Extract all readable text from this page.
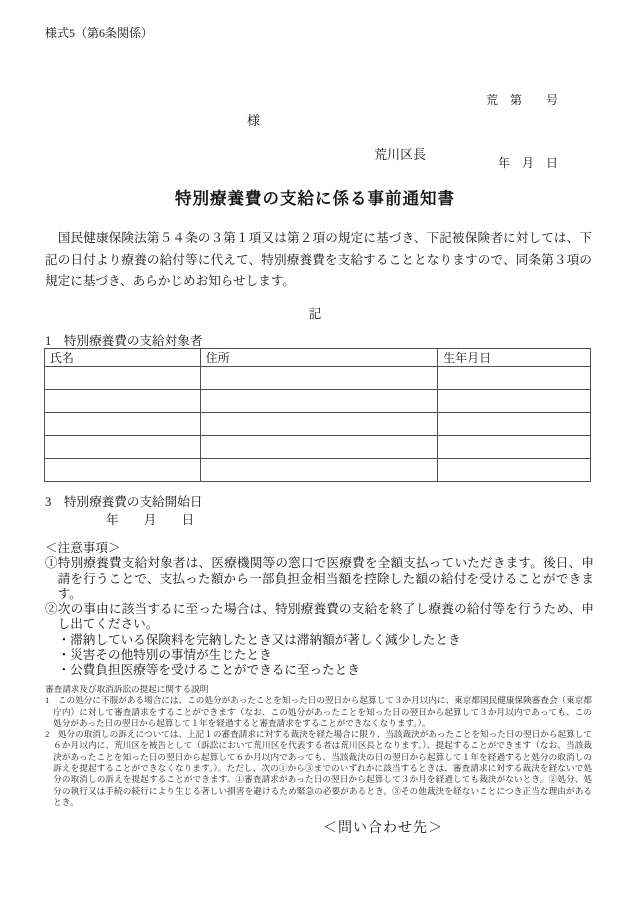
様式5（第6条関係）

荒　第　　号

年　月　日

様
荒川区長
特別療養費の支給に係る事前通知書

　国民健康保険法第５４条の３第１項又は第２項の規定に基づき、下記被保険者に対しては、下記の日付より療養の給付等に代えて、特別療養費を支給することとなりますので、同条第３項の規定に基づき、あらかじめお知らせします。

記
1　特別療養費の支給対象者
氏名	住所	生年月日

3　特別療養費の支給開始日
年　　月　　日
＜注意事項＞
①特別療養費支給対象者は、医療機関等の窓口で医療費を全額支払っていただきます。後日、申請を行うことで、支払った額から一部負担金相当額を控除した額の給付を受けることができます。
②次の事由に該当するに至った場合は、特別療養費の支給を終了し療養の給付等を行うため、申し出てください。
・滞納している保険料を完納したとき又は滞納額が著しく減少したとき
・災害その他特別の事情が生じたとき
・公費負担医療等を受けることができるに至ったとき
審査請求及び取消訴訟の提起に関する説明
1　この処分に不服がある場合には、この処分があったことを知った日の翌日から起算して３か月以内に、東京都国民健康保険審査会（東京都庁内）に対して審査請求をすることができます（なお、この処分があったことを知った日の翌日から起算して３か月以内であっても、この処分があった日の翌日から起算して１年を経過すると審査請求をすることができなくなります。）。
2　処分の取消しの訴えについては、上記１の審査請求に対する裁決を経た場合に限り、当該裁決があったことを知った日の翌日から起算して６か月以内に、荒川区を被告として（訴訟において荒川区を代表する者は荒川区長となります。）、提起することができます（なお、当該裁決があったことを知った日の翌日から起算して６か月以内であっても、当該裁決の日の翌日から起算して１年を経過すると処分の取消しの訴えを提起することができなくなります。）。ただし、次の①から③までのいずれかに該当するときは、審査請求に対する裁決を経ないで処分の取消しの訴えを提起することができます。①審査請求があった日の翌日から起算して３か月を経過しても裁決がないとき。②処分、処分の執行又は手続の続行により生じる著しい損害を避けるため緊急の必要があるとき。③その他裁決を経ないことにつき正当な理由があるとき。
＜問い合わせ先＞
